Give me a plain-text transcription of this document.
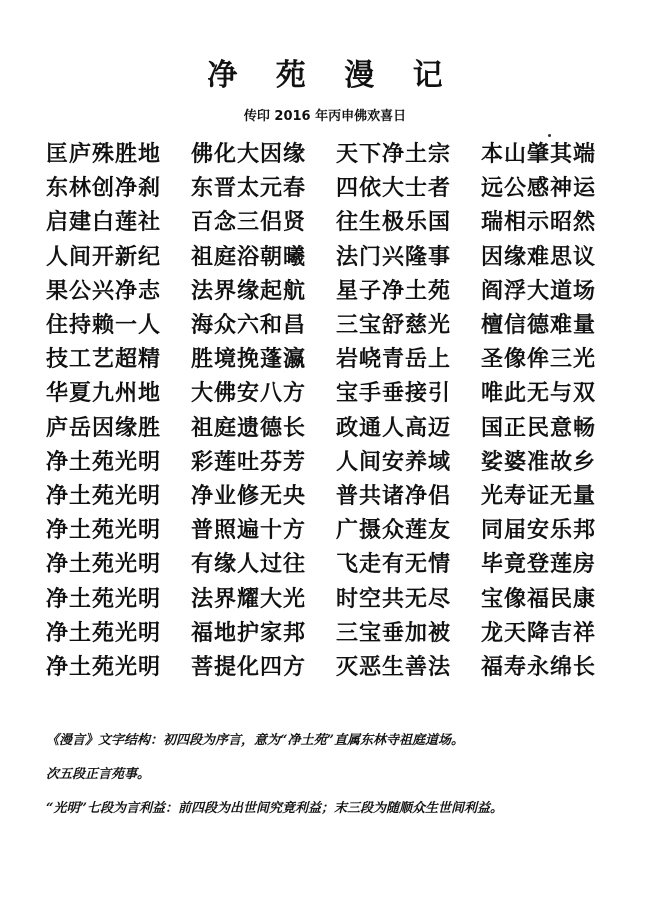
净 苑 漫 记
传印 2016 年丙申佛欢喜日
匡庐殊胜地	佛化大因缘	天下净土宗	本山肇其端
东林创净刹	东晋太元春	四依大士者	远公感神运
启建白莲社	百念三侣贤	往生极乐国	瑞相示昭然
人间开新纪	祖庭浴朝曦	法门兴隆事	因缘难思议
果公兴净志	法界缘起航	星子净土苑	阎浮大道场
住持赖一人	海众六和昌	三宝舒慈光	檀信德难量
技工艺超精	胜境挽蓬瀛	岩峣青岳上	圣像侔三光
华夏九州地	大佛安八方	宝手垂接引	唯此无与双
庐岳因缘胜	祖庭遗德长	政通人高迈	国正民意畅
净土苑光明	彩莲吐芬芳	人间安养域	娑婆准故乡
净土苑光明	净业修无央	普共诸净侣	光寿证无量
净土苑光明	普照遍十方	广摄众莲友	同届安乐邦
净土苑光明	有缘人过往	飞走有无情	毕竟登莲房
净土苑光明	法界耀大光	时空共无尽	宝像福民康
净土苑光明	福地护家邦	三宝垂加被	龙天降吉祥
净土苑光明	菩提化四方	灭恶生善法	福寿永绵长
《漫言》文字结构：初四段为序言，意为“净土苑”直属东林寺祖庭道场。
次五段正言苑事。
“光明”七段为言利益：前四段为出世间究竟利益；末三段为随顺众生世间利益。
